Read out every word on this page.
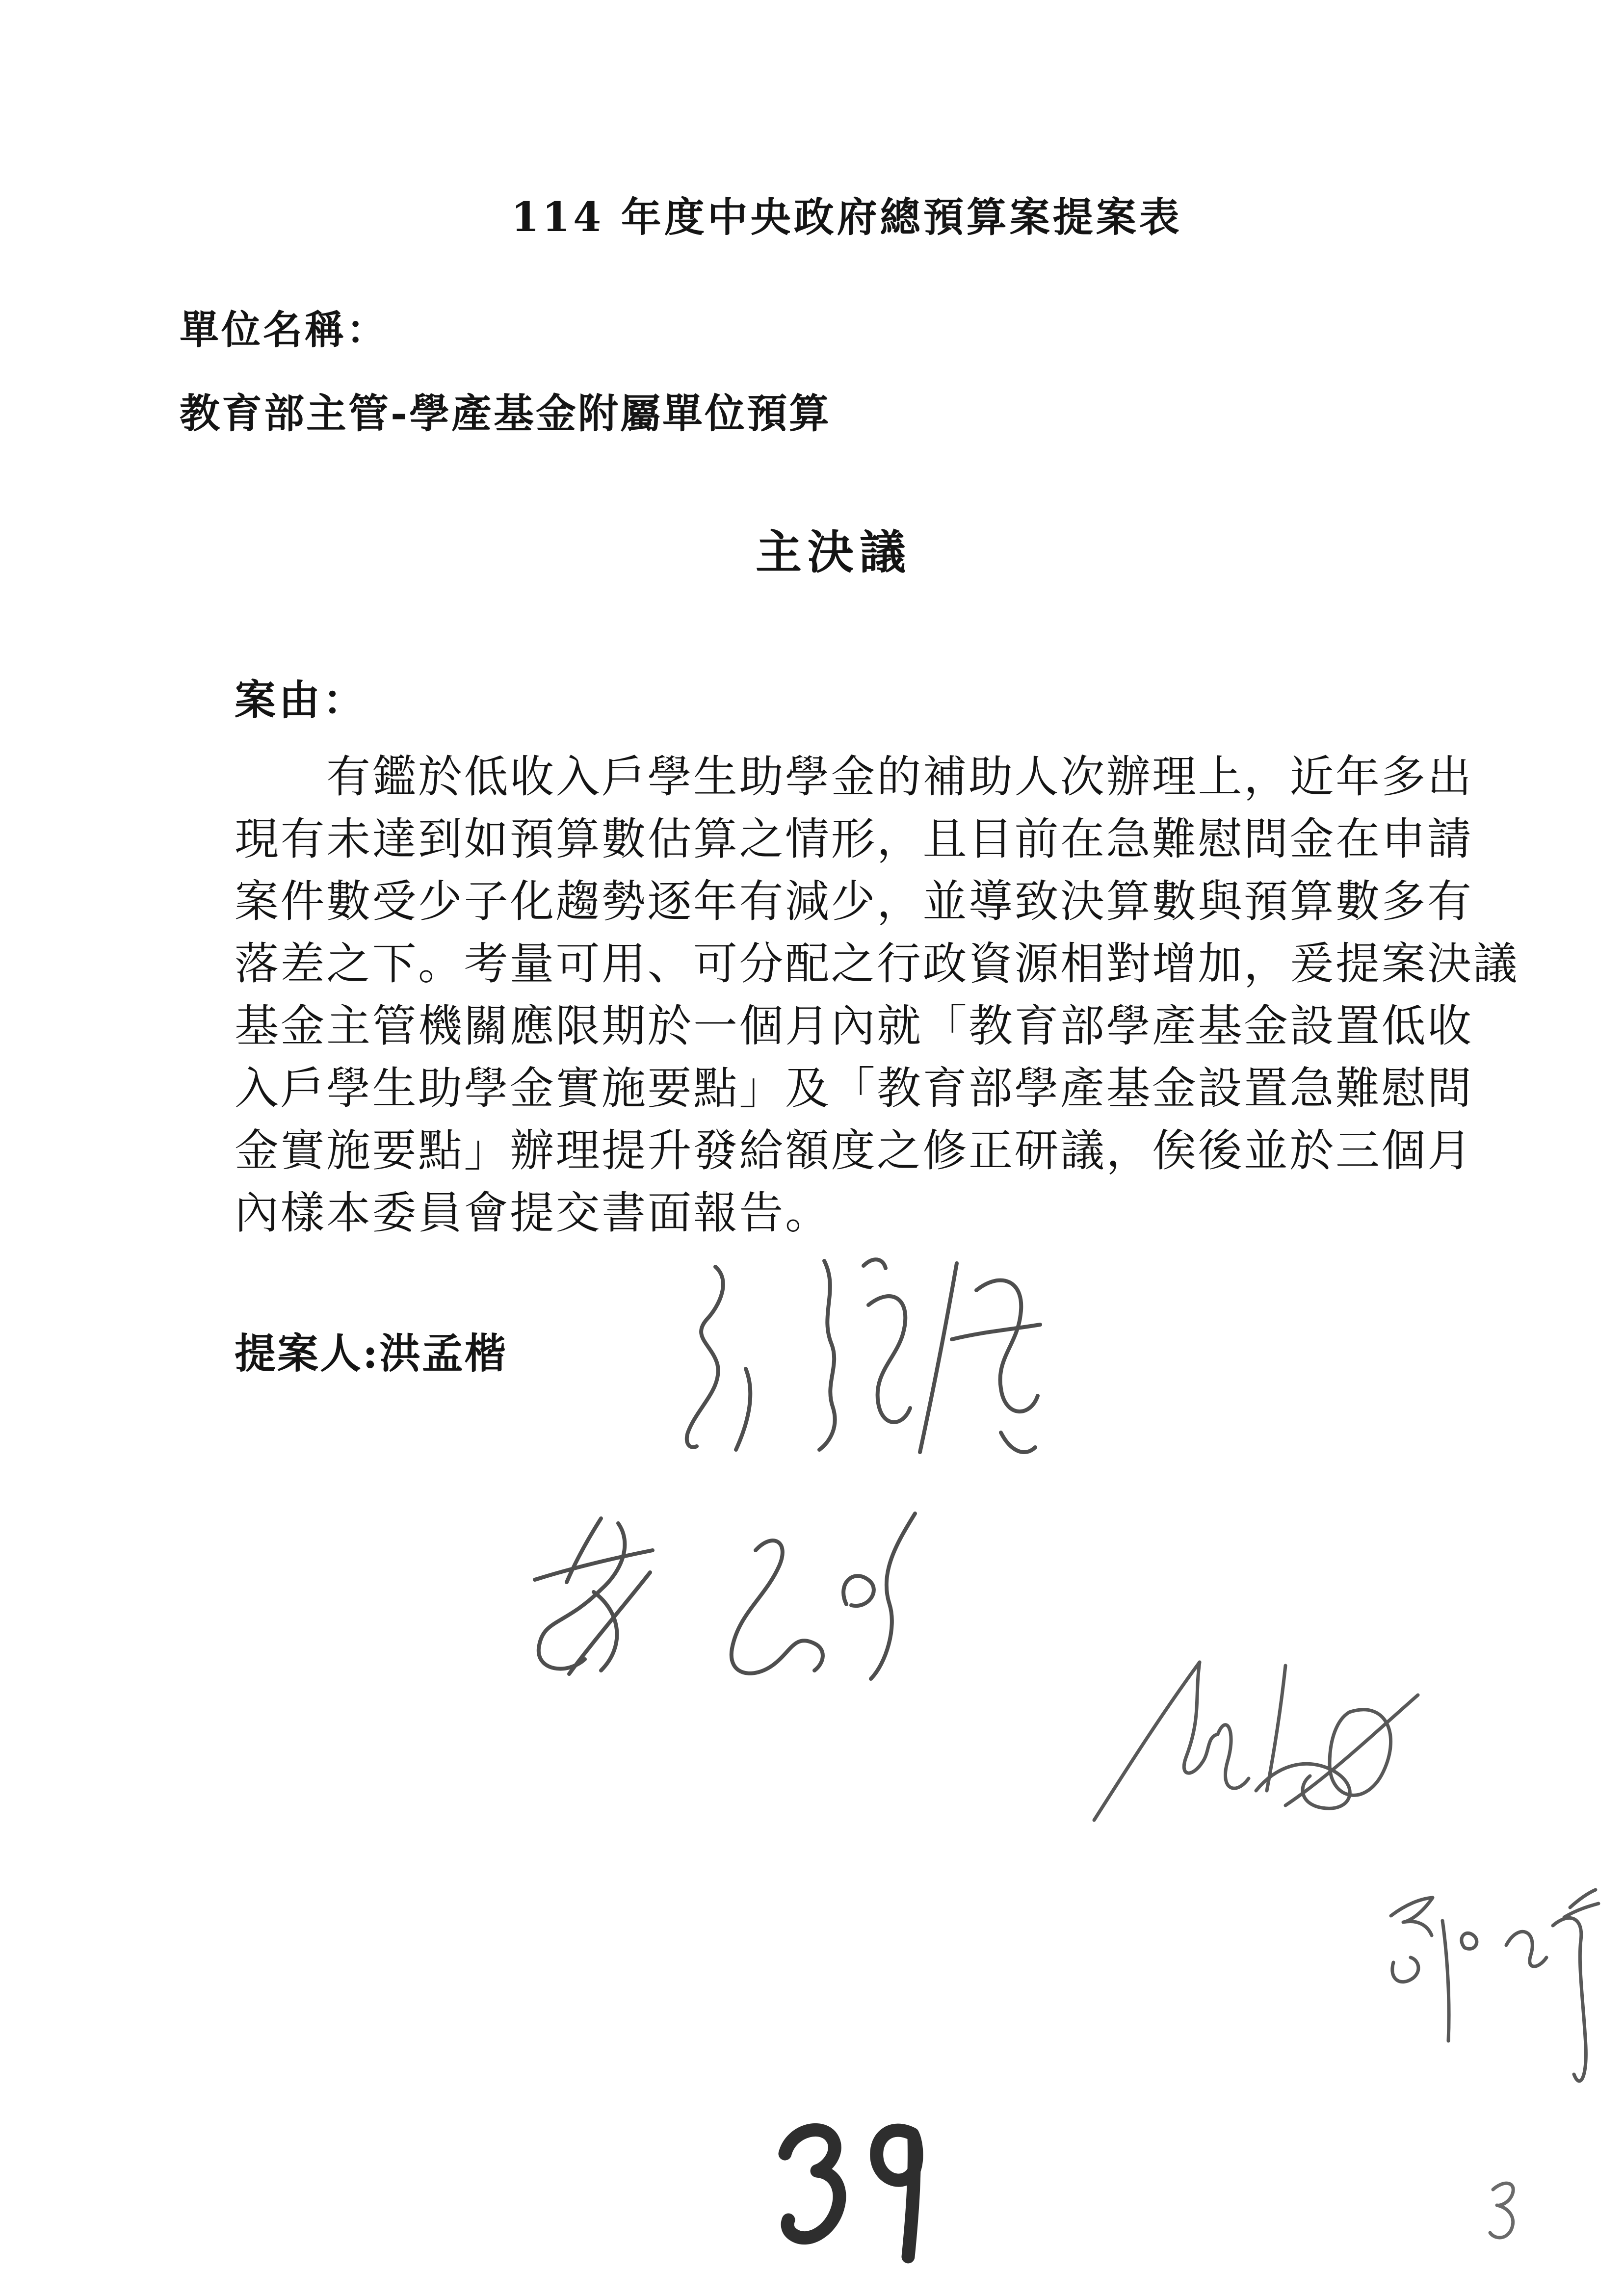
114 年度中央政府總預算案提案表
單位名稱：
教育部主管-學產基金附屬單位預算
主決議
案由：
有鑑於低收入戶學生助學金的補助人次辦理上，近年多出
現有未達到如預算數估算之情形，且目前在急難慰問金在申請
案件數受少子化趨勢逐年有減少，並導致決算數與預算數多有
落差之下。考量可用、可分配之行政資源相對增加，爰提案決議
基金主管機關應限期於一個月內就「教育部學產基金設置低收
入戶學生助學金實施要點」及「教育部學產基金設置急難慰問
金實施要點」辦理提升發給額度之修正研議，俟後並於三個月
內樣本委員會提交書面報告。
提案人:洪孟楷
